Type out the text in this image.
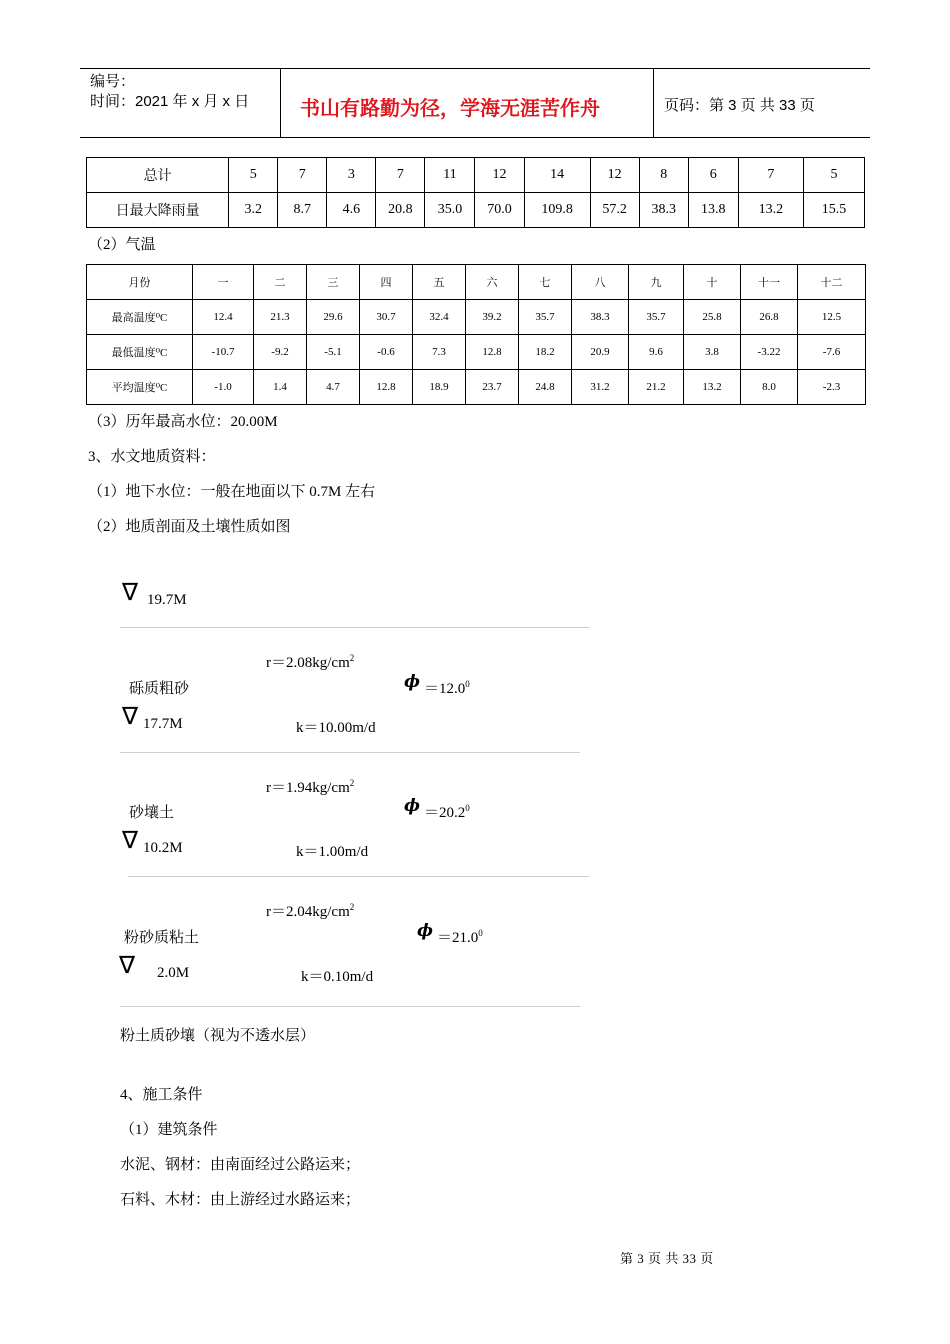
编号：
时间：2021 年 x 月 x 日	书山有路勤为径，学海无涯苦作舟	页码：第 3 页 共 33 页
总计	5	7	3	7	11	12	14	12	8	6	7	5
日最大降雨量	3.2	8.7	4.6	20.8	35.0	70.0	109.8	57.2	38.3	13.8	13.2	15.5
（2）气温
月份	一	二	三	四	五	六	七	八	九	十	十一	十二
最高温度⁰C	12.4	21.3	29.6	30.7	32.4	39.2	35.7	38.3	35.7	25.8	26.8	12.5
最低温度⁰C	-10.7	-9.2	-5.1	-0.6	7.3	12.8	18.2	20.9	9.6	3.8	-3.22	-7.6
平均温度⁰C	-1.0	1.4	4.7	12.8	18.9	23.7	24.8	31.2	21.2	13.2	8.0	-2.3
（3）历年最高水位：20.00M
3、水文地质资料：
（1）地下水位：一般在地面以下 0.7M 左右
（2）地质剖面及土壤性质如图
∇ 19.7M
$r=2.08kg/cm^2$
砾质粗砂	$\phi =12.0^0$
∇ 17.7M	k＝10.00m/d
$r=1.94kg/cm^2$
砂壤土	$\phi =20.2^0$
∇ 10.2M	k＝1.00m/d
$r=2.04kg/cm^2$
粉砂质粘土	$\phi =21.0^0$
∇ 2.0M	k＝0.10m/d
粉土质砂壤（视为不透水层）
4、施工条件
（1）建筑条件
水泥、钢材：由南面经过公路运来；
石料、木材：由上游经过水路运来；
第 3 页 共 33 页
